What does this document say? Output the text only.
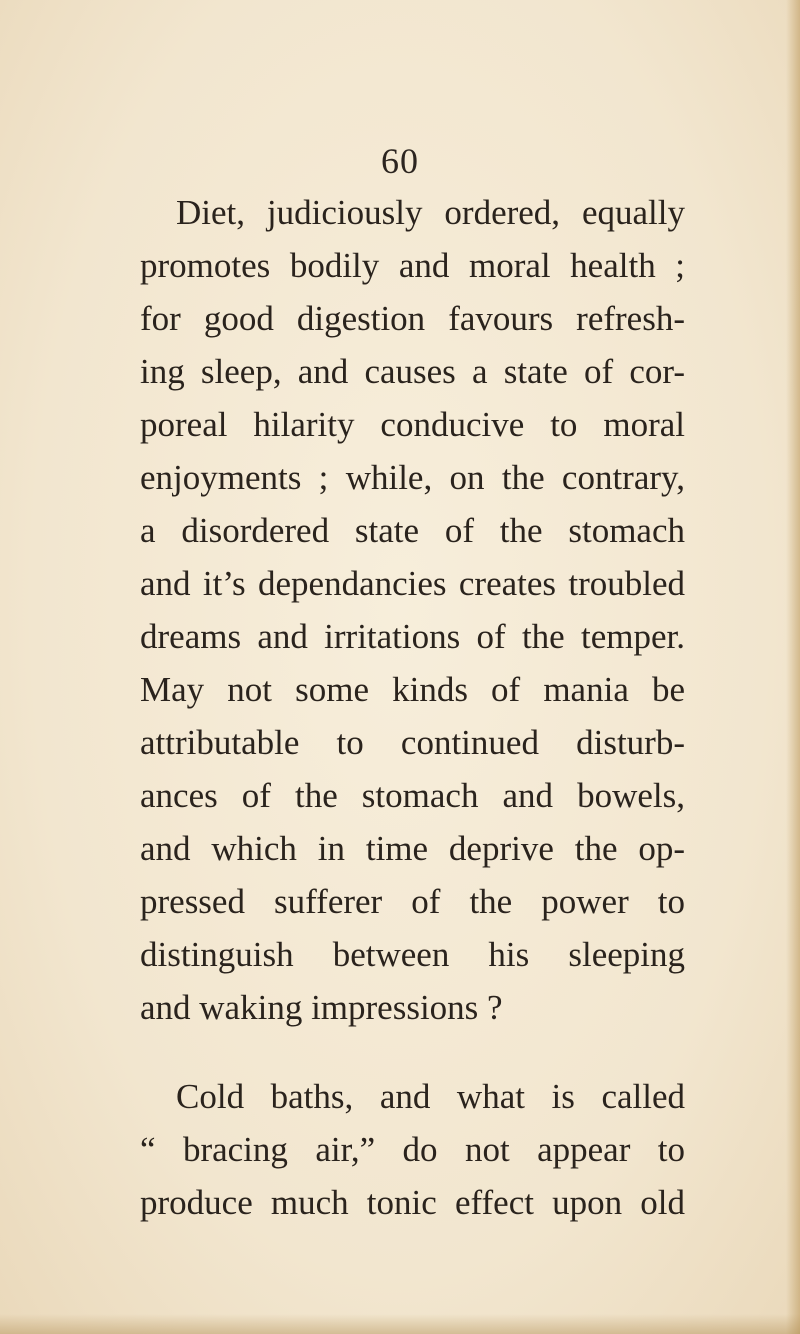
60
Diet, judiciously ordered, equally
promotes bodily and moral health ;
for good digestion favours refresh-
ing sleep, and causes a state of cor-
poreal hilarity conducive to moral
enjoyments ; while, on the contrary,
a disordered state of the stomach
and it’s dependancies creates troubled
dreams and irritations of the temper.
May not some kinds of mania be
attributable to continued disturb-
ances of the stomach and bowels,
and which in time deprive the op-
pressed sufferer of the power to
distinguish between his sleeping
and waking impressions ?
Cold baths, and what is called
“ bracing air,” do not appear to
produce much tonic effect upon old
